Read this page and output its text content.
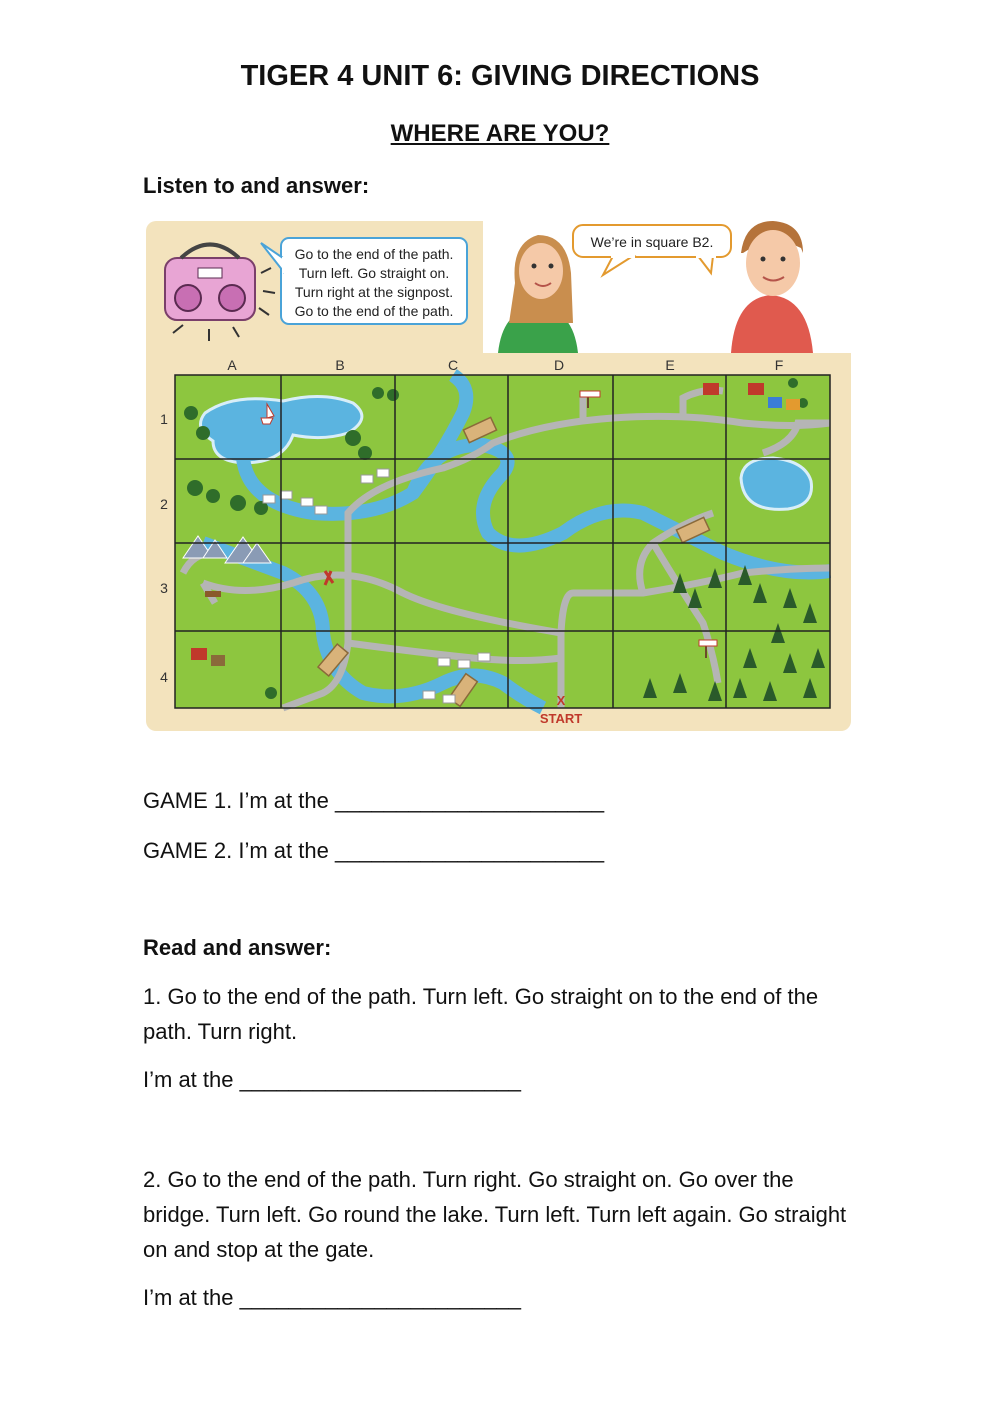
TIGER 4 UNIT 6: GIVING DIRECTIONS
WHERE ARE YOU?

Listen to and answer:

Go to the end of the path.
Turn left. Go straight on.
Turn right at the signpost.
Go to the end of the path.
We’re in square B2.
A	B	C	D	E	F
1
2
3
4
X
START

GAME 1. I’m at the ______________________

GAME 2. I’m at the ______________________

Read and answer:

1. Go to the end of the path. Turn left. Go straight on to the end of the path. Turn right.

I’m at the _______________________

2. Go to the end of the path. Turn right. Go straight on. Go over the bridge. Turn left. Go round the lake. Turn left. Turn left again. Go straight on and stop at the gate.

I’m at the _______________________
